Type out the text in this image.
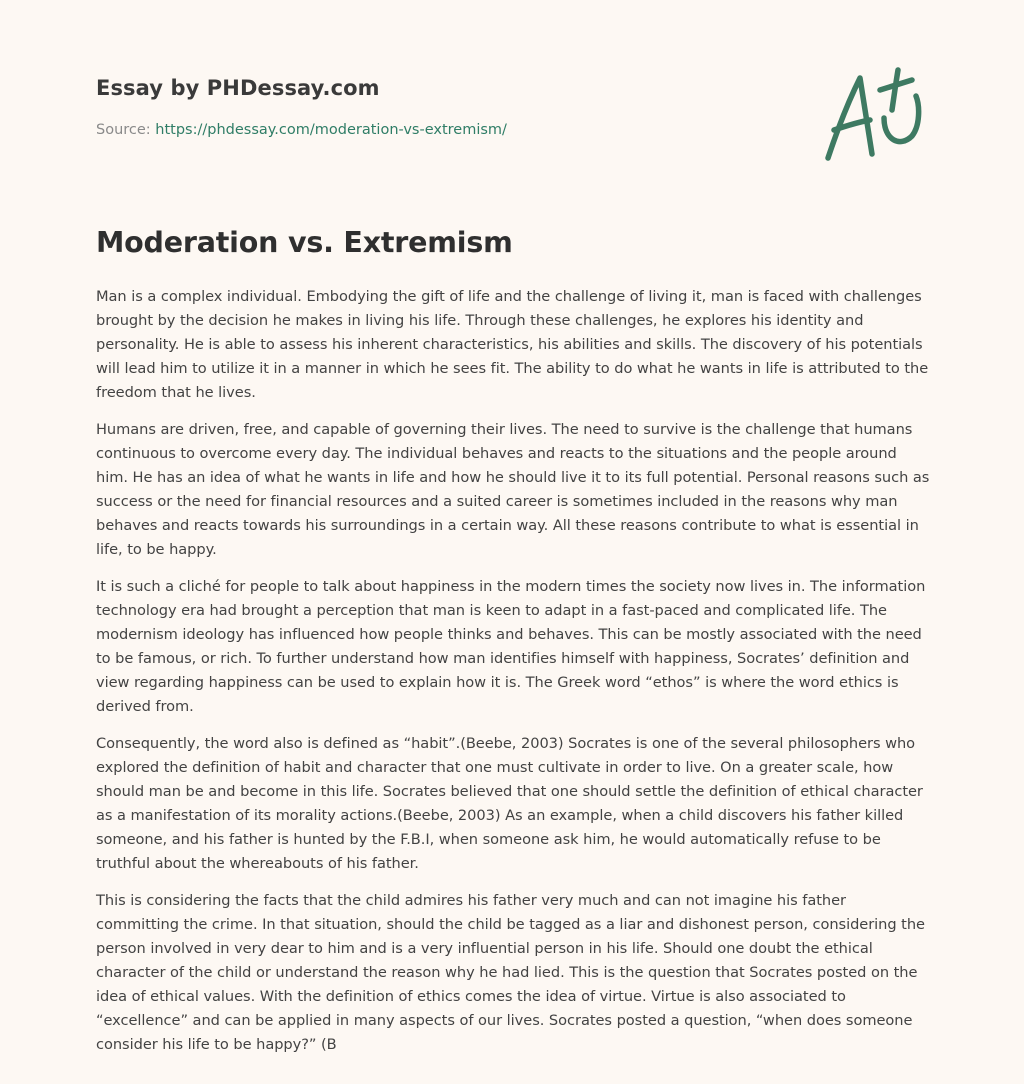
Essay by PHDessay.com
Source: https://phdessay.com/moderation-vs-extremism/
Moderation vs. Extremism

Man is a complex individual. Embodying the gift of life and the challenge of living it, man is faced with challenges brought by the decision he makes in living his life. Through these challenges, he explores his identity and personality. He is able to assess his inherent characteristics, his abilities and skills. The discovery of his potentials will lead him to utilize it in a manner in which he sees fit. The ability to do what he wants in life is attributed to the freedom that he lives.

Humans are driven, free, and capable of governing their lives. The need to survive is the challenge that humans continuous to overcome every day. The individual behaves and reacts to the situations and the people around him. He has an idea of what he wants in life and how he should live it to its full potential. Personal reasons such as success or the need for financial resources and a suited career is sometimes included in the reasons why man behaves and reacts towards his surroundings in a certain way. All these reasons contribute to what is essential in life, to be happy.

It is such a cliché for people to talk about happiness in the modern times the society now lives in. The information technology era had brought a perception that man is keen to adapt in a fast-paced and complicated life. The modernism ideology has influenced how people thinks and behaves. This can be mostly associated with the need to be famous, or rich. To further understand how man identifies himself with happiness, Socrates’ definition and view regarding happiness can be used to explain how it is. The Greek word “ethos” is where the word ethics is derived from.

Consequently, the word also is defined as “habit”.(Beebe, 2003) Socrates is one of the several philosophers who explored the definition of habit and character that one must cultivate in order to live. On a greater scale, how should man be and become in this life. Socrates believed that one should settle the definition of ethical character as a manifestation of its morality actions.(Beebe, 2003) As an example, when a child discovers his father killed someone, and his father is hunted by the F.B.I, when someone ask him, he would automatically refuse to be truthful about the whereabouts of his father.

This is considering the facts that the child admires his father very much and can not imagine his father committing the crime. In that situation, should the child be tagged as a liar and dishonest person, considering the person involved in very dear to him and is a very influential person in his life. Should one doubt the ethical character of the child or understand the reason why he had lied. This is the question that Socrates posted on the idea of ethical values. With the definition of ethics comes the idea of virtue. Virtue is also associated to “excellence” and can be applied in many aspects of our lives. Socrates posted a question, “when does someone consider his life to be happy?” (B
